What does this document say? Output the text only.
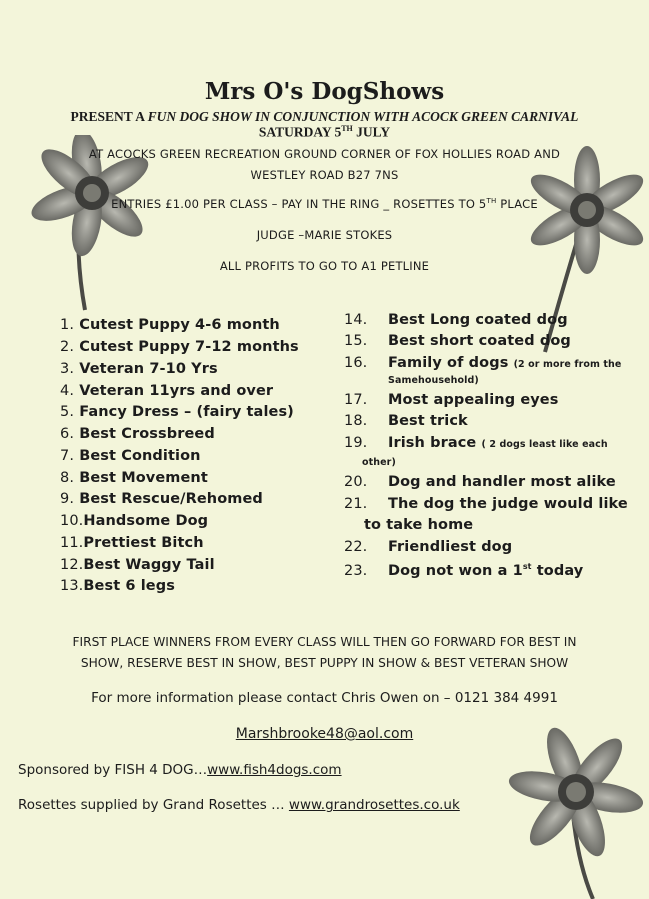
Mrs O's DogShows
PRESENT A FUN DOG SHOW IN CONJUNCTION WITH ACOCK GREEN CARNIVAL
SATURDAY 5TH JULY
AT ACOCKS GREEN RECREATION GROUND CORNER OF FOX HOLLIES ROAD AND
WESTLEY ROAD B27 7NS
ENTRIES £1.00 PER CLASS – PAY IN THE RING _ ROSETTES TO 5TH PLACE
JUDGE –MARIE STOKES
ALL PROFITS TO GO TO A1 PETLINE
1. Cutest Puppy 4-6 month
2. Cutest Puppy 7-12 months
3. Veteran 7-10 Yrs
4. Veteran 11yrs and over
5. Fancy Dress – (fairy tales)
6. Best Crossbreed
7. Best Condition
8. Best Movement
9. Best Rescue/Rehomed
10.Handsome Dog
11.Prettiest Bitch
12.Best Waggy Tail
13.Best 6 legs
14. Best Long coated dog
15. Best short coated dog
16. Family of dogs (2 or more from the
Samehousehold)
17. Most appealing eyes
18. Best trick
19. Irish brace ( 2 dogs least like each
other)
20. Dog and handler most alike
21. The dog the judge would like
to take home
22. Friendliest dog
23. Dog not won a 1st today
FIRST PLACE WINNERS FROM EVERY CLASS WILL THEN GO FORWARD FOR BEST IN
SHOW, RESERVE BEST IN SHOW, BEST PUPPY IN SHOW & BEST VETERAN SHOW
For more information please contact Chris Owen on – 0121 384 4991
Marshbrooke48@aol.com
Sponsored by FISH 4 DOG…www.fish4dogs.com
Rosettes supplied by Grand Rosettes … www.grandrosettes.co.uk
